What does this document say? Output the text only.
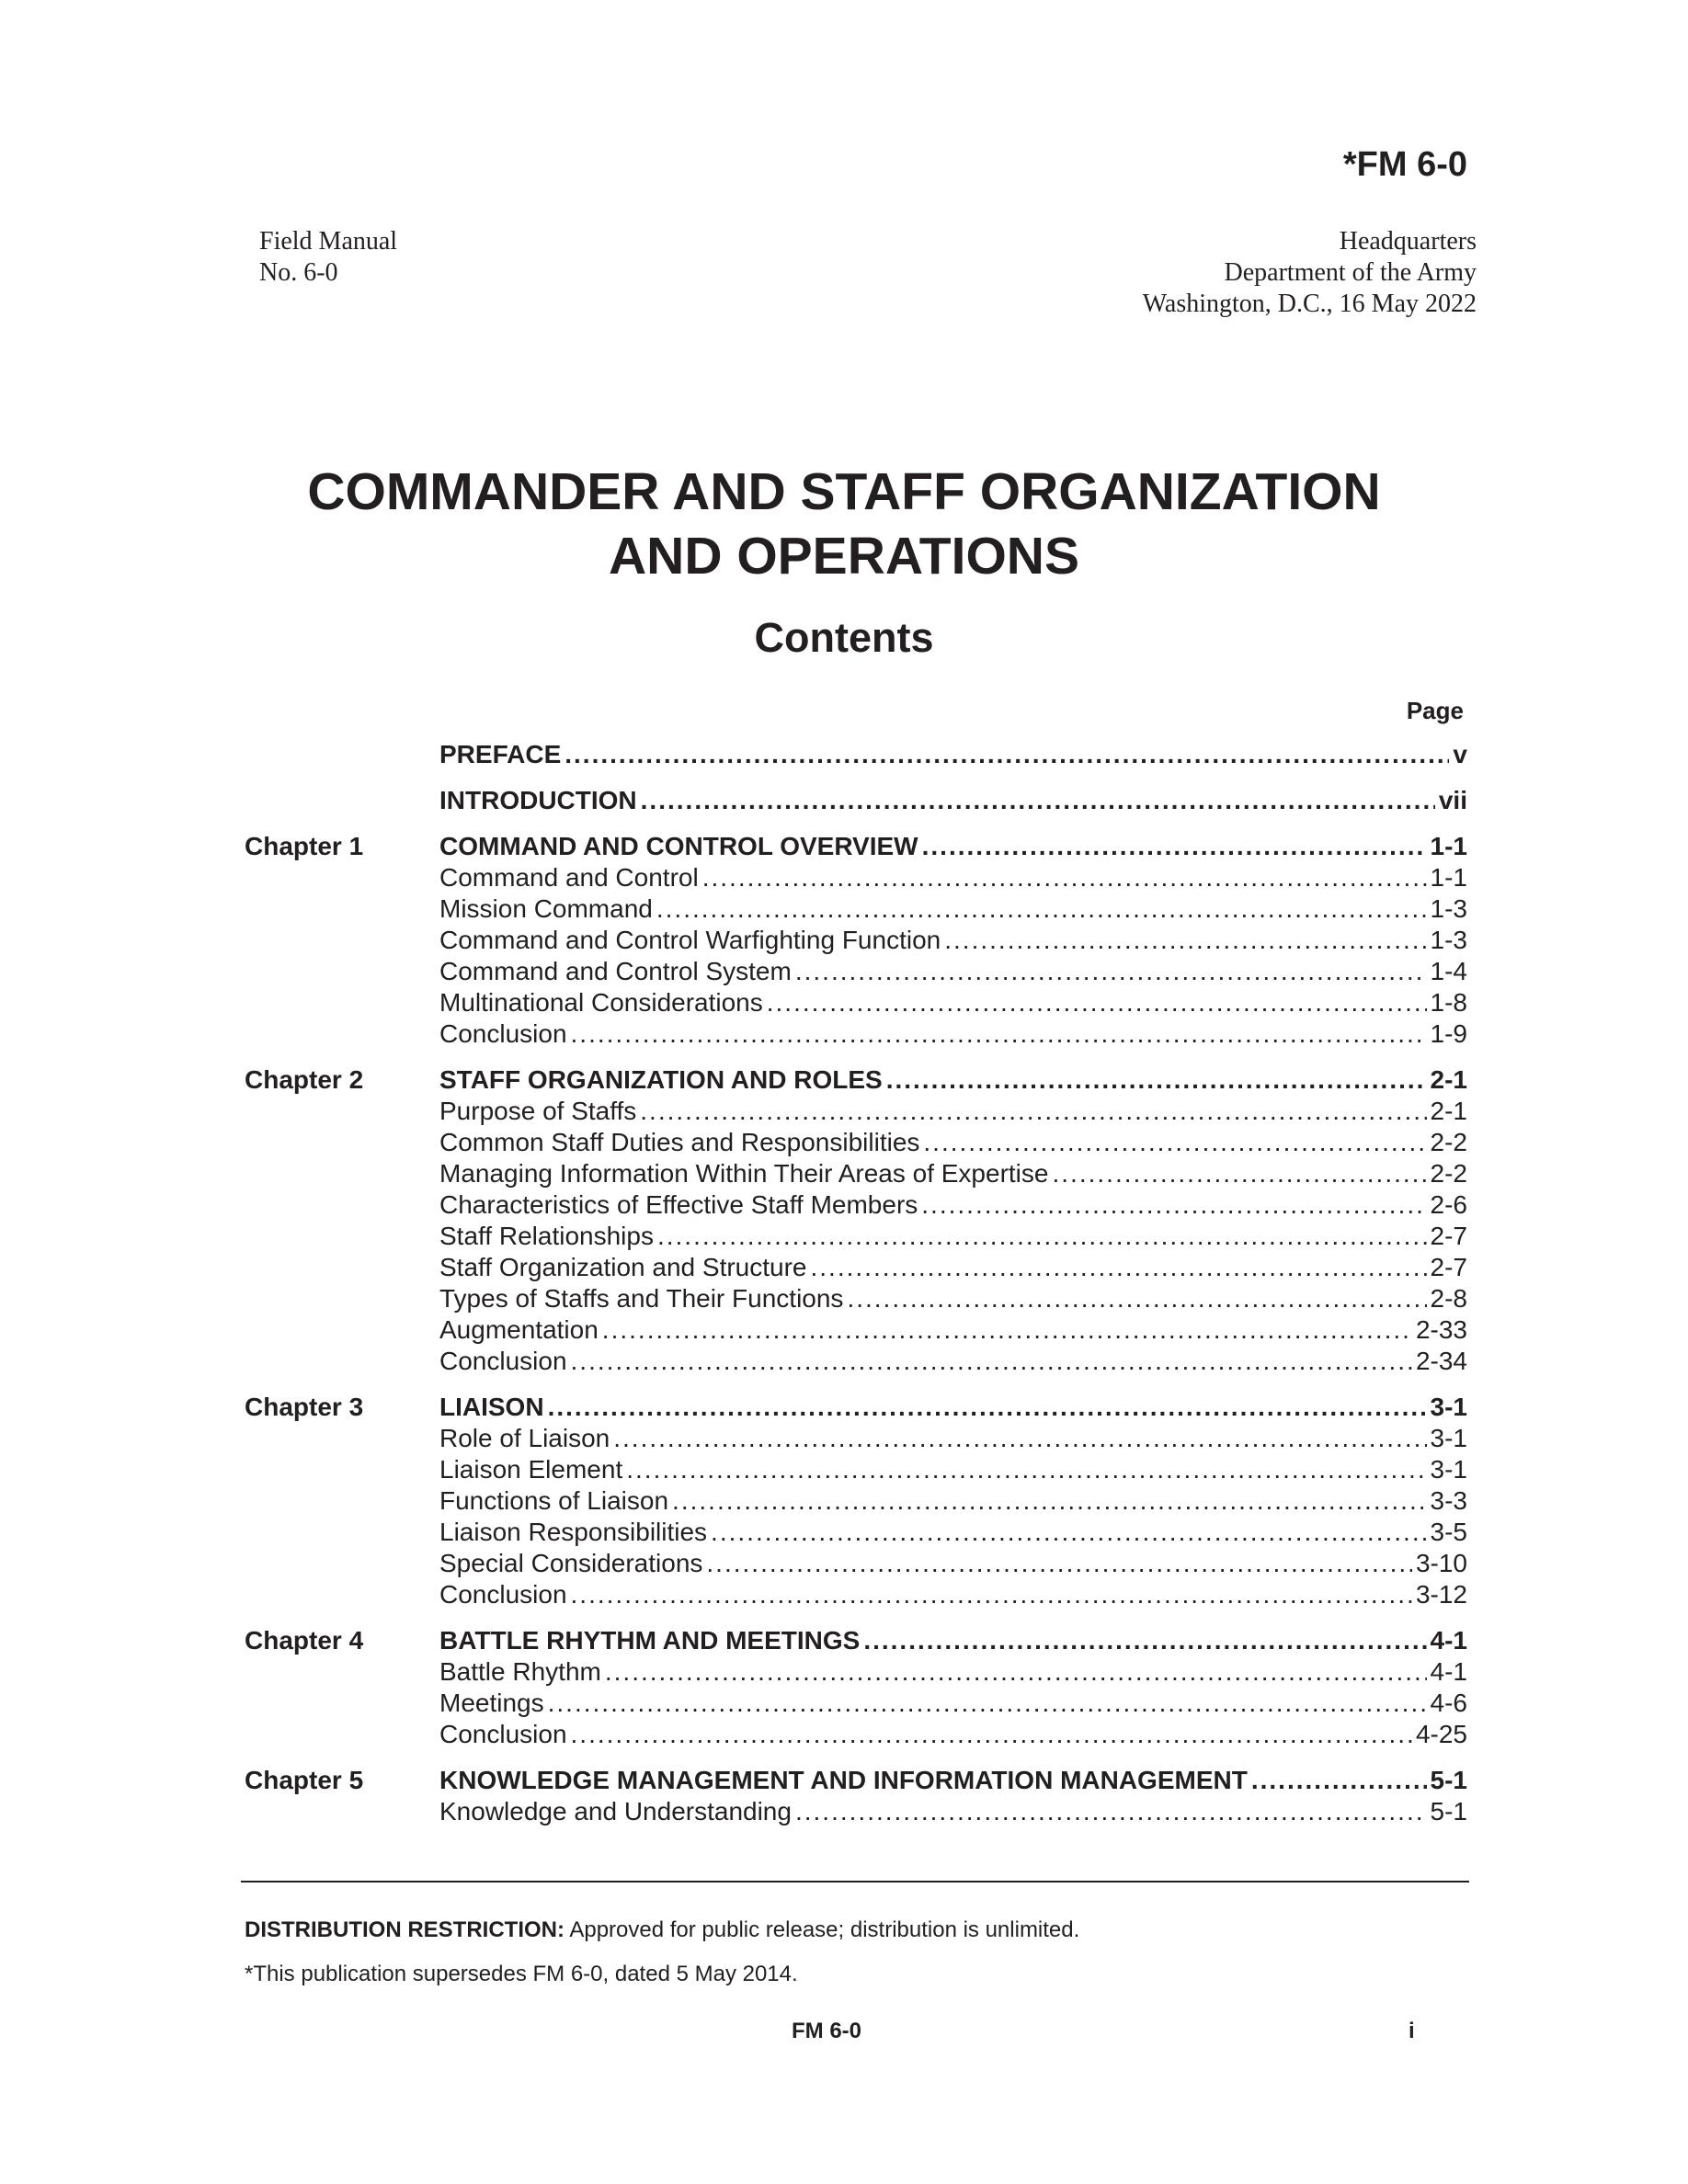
*FM 6-0
Field Manual
No. 6-0
Headquarters
Department of the Army
Washington, D.C., 16 May 2022
COMMANDER AND STAFF ORGANIZATION
AND OPERATIONS
Contents
Page
PREFACE .....	v
INTRODUCTION .....	vii
Chapter 1	COMMAND AND CONTROL OVERVIEW .....	1-1
Command and Control .....	1-1
Mission Command .....	1-3
Command and Control Warfighting Function .....	1-3
Command and Control System .....	1-4
Multinational Considerations .....	1-8
Conclusion .....	1-9
Chapter 2	STAFF ORGANIZATION AND ROLES .....	2-1
Purpose of Staffs .....	2-1
Common Staff Duties and Responsibilities .....	2-2
Managing Information Within Their Areas of Expertise .....	2-2
Characteristics of Effective Staff Members .....	2-6
Staff Relationships .....	2-7
Staff Organization and Structure .....	2-7
Types of Staffs and Their Functions .....	2-8
Augmentation .....	2-33
Conclusion .....	2-34
Chapter 3	LIAISON .....	3-1
Role of Liaison .....	3-1
Liaison Element .....	3-1
Functions of Liaison .....	3-3
Liaison Responsibilities .....	3-5
Special Considerations .....	3-10
Conclusion .....	3-12
Chapter 4	BATTLE RHYTHM AND MEETINGS .....	4-1
Battle Rhythm .....	4-1
Meetings .....	4-6
Conclusion .....	4-25
Chapter 5	KNOWLEDGE MANAGEMENT AND INFORMATION MANAGEMENT .....	5-1
Knowledge and Understanding .....	5-1
DISTRIBUTION RESTRICTION: Approved for public release; distribution is unlimited.
*This publication supersedes FM 6-0, dated 5 May 2014.
FM 6-0	i
